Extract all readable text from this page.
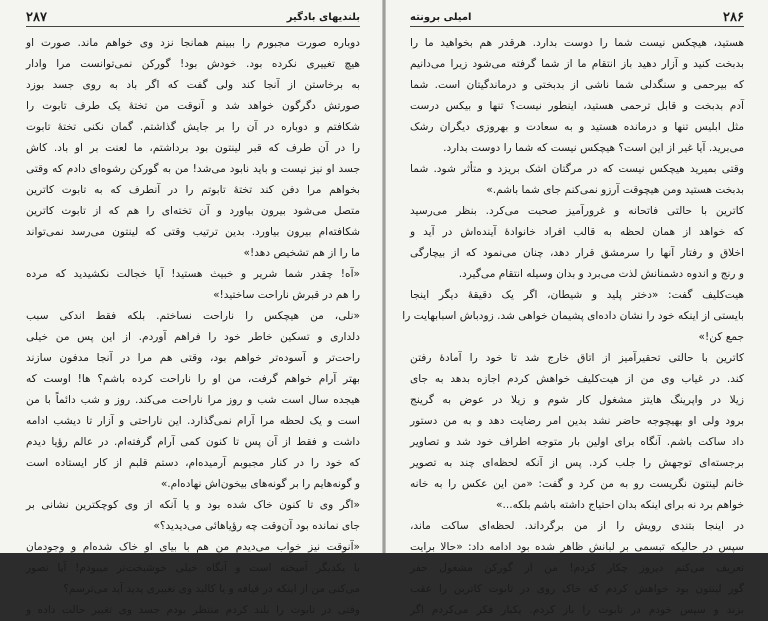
۲۸۷	بلندیهای بادگیر
دوباره صورت مجبورم را ببینم همانجا نزد وی خواهم ماند. صورت او
هیچ تغییری نکرده بود. خودش بود! گورکن نمی‌توانست مرا وادار
به برخاستن از آنجا کند ولی گفت که اگر باد به روی جسد بوزد
صورتش دگرگون خواهد شد و آنوقت من تختهٔ یک طرف تابوت را
شکافتم و دوباره در آن را بر جایش گذاشتم. گمان نکنی تختهٔ تابوت
را در آن طرف که قبر لینتون بود برداشتم، ما لعنت بر او باد. کاش
جسد او نیز نیست و باید نابود می‌شد! من به گورکن رشوه‌ای دادم که وقتی
بخواهم مرا دفن کند تختهٔ تابوتم را در آنطرف که به تابوت کاترین
متصل می‌شود بیرون بیاورد و آن تخته‌ای را هم که از تابوت کاترین
شکافته‌ام بیرون بیاورد. بدین ترتیب وقتی که لینتون می‌رسد نمی‌تواند
ما را از هم تشخیص دهد!»
«آه! چقدر شما شریر و خبیث هستید! آیا خجالت نکشیدید که مرده
را هم در قبرش ناراحت ساختید!»
«نلی، من هیچکس را ناراحت نساختم. بلکه فقط اندکی سبب
دلداری و تسکین خاطر خود را فراهم آوردم. از این پس من خیلی
راحت‌تر و آسوده‌تر خواهم بود، وقتی هم مرا در آنجا مدفون سازند
بهتر آرام خواهم گرفت، من او را ناراحت کرده باشم؟ ها! اوست که
هیجده سال است شب و روز مرا ناراحت می‌کند. روز و شب دائماً با من
است و یک لحظه مرا آرام نمی‌گذارد. این ناراحتی و آزار تا دیشب ادامه
داشت و فقط از آن پس تا کنون کمی آرام گرفته‌ام. در عالم رؤیا دیدم
که خود را در کنار مجبوبم آرمیده‌ام، دستم قلبم از کار ایستاده است
و گونه‌هایم را بر گونه‌های بیخون‌اش نهاده‌ام.»
«اگر وی تا کنون خاک شده بود و یا آنکه از وی کوچکترین نشانی بر
جای نمانده بود آن‌وقت چه رؤیاهائی می‌دیدید؟»
«آنوقت نیز خواب می‌دیدم من هم با بیای او خاک شده‌ام و وجودمان
با یکدیگر آمیخته است و آنگاه خیلی خوشبخت‌تر میبودم! آیا تصور
می‌کنی من از اینکه در قیافه و یا کالبد وی تغییری پدید آید می‌ترسم؟
وقتی در تابوت را بلند کردم منتظر بودم جسد وی تغییر حالت داده و
امیلی برونته	۲۸۶
هستید، هیچکس نیست شما را دوست بدارد. هرقدر هم بخواهید ما را
بدبخت کنید و آزار دهید باز انتقام ما از شما گرفته می‌شود زیرا می‌دانیم
که بیرحمی و سنگدلی شما ناشی از بدبختی و درماندگیتان است. شما
آدم بدبخت و قابل ترحمی هستید، اینطور نیست؟ تنها و بیکس درست
مثل ابلیس تنها و درمانده هستید و به سعادت و بهروزی دیگران رشک
می‌برید. آیا غیر از این است؟ هیچکس نیست که شما را دوست بدارد.
وقتی بمیرید هیچکس نیست که در مرگتان اشک بریزد و متأثر شود. شما
بدبخت هستید ومن هیچوقت آرزو نمی‌کنم جای شما باشم.»
کاترین با حالتی فاتحانه و غرورآمیز صحبت می‌کرد. بنظر می‌رسید
که خواهد از همان لحظه به قالب افراد خانوادهٔ آینده‌اش در آید و
اخلاق و رفتار آنها را سرمشق قرار دهد، چنان می‌نمود که از بیچارگی
و رنج و اندوه دشمنانش لذت می‌برد و بدان وسیله انتقام می‌گیرد.
هیت‌کلیف گفت: «دختر پلید و شیطان، اگر یک دقیقهٔ دیگر اینجا
بایستی از اینکه خود را نشان داده‌ای پشیمان خواهی شد. زودباش اسبابهایت را
جمع کن!»
کاترین با حالتی تحقیرآمیز از اتاق خارج شد تا خود را آمادهٔ رفتن
کند. در غیاب وی من از هیت‌کلیف خواهش کردم اجازه بدهد به جای
زیلا در واپرینگ هایتز مشغول کار شوم و زیلا در عوض به گرینج
برود ولی او بهیچوجه حاضر نشد بدین امر رضایت دهد و به من دستور
داد ساکت باشم. آنگاه برای اولین بار متوجه اطراف خود شد و تصاویر
برجسته‌ای توجهش را جلب کرد. پس از آنکه لحظه‌ای چند به تصویر
خانم لینتون نگریست رو به من کرد و گفت: «من این عکس را به خانه
خواهم برد نه برای اینکه بدان احتیاج داشته باشم بلکه...»
در اینجا بتندی رویش را از من برگرداند. لحظه‌ای ساکت ماند،
سپس در حالیکه تبسمی بر لبانش ظاهر شده بود ادامه داد: «حالا برایت
تعریف می‌کنم دیروز چکار کردم! من از گورکن مشغول حفر
گور لینتون بود خواهش کردم که خاک روی در تابوت کاترین را عقب
بزند و سپس خودم در تابوت را باز کردم. یکبار فکر می‌کردم اگر
